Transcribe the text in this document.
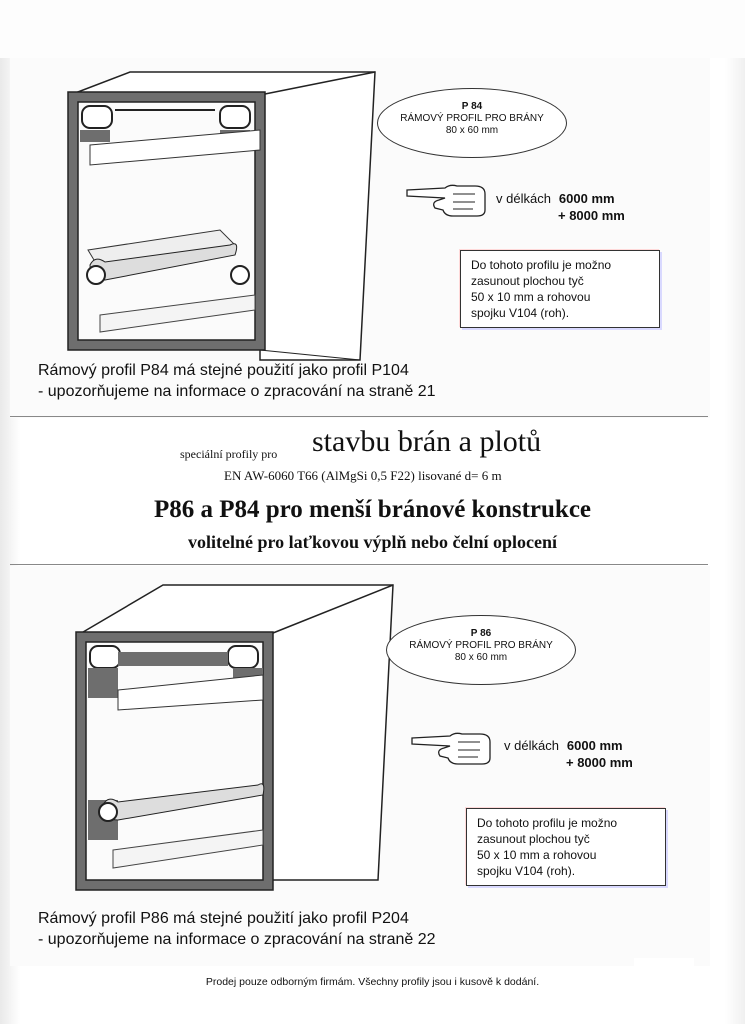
P 84
RÁMOVÝ PROFIL PRO BRÁNY
80 x 60 mm
v délkách 6000 mm
+ 8000 mm
Do tohoto profilu je možno
zasunout plochou tyč
50 x 10 mm a rohovou
spojku V104 (roh).
Rámový profil P84 má stejné použití jako profil P104
- upozorňujeme na informace o zpracování na straně 21
speciální profily pro stavbu brán a plotů
EN AW-6060 T66 (AlMgSi 0,5 F22) lisované d= 6 m
P86 a P84 pro menší bránové konstrukce
volitelné pro laťkovou výplň nebo čelní oplocení
P 86
RÁMOVÝ PROFIL PRO BRÁNY
80 x 60 mm
v délkách 6000 mm
+ 8000 mm
Do tohoto profilu je možno
zasunout plochou tyč
50 x 10 mm a rohovou
spojku V104 (roh).
Rámový profil P86 má stejné použití jako profil P204
- upozorňujeme na informace o zpracování na straně 22
Prodej pouze odborným firmám. Všechny profily jsou i kusově k dodání.
